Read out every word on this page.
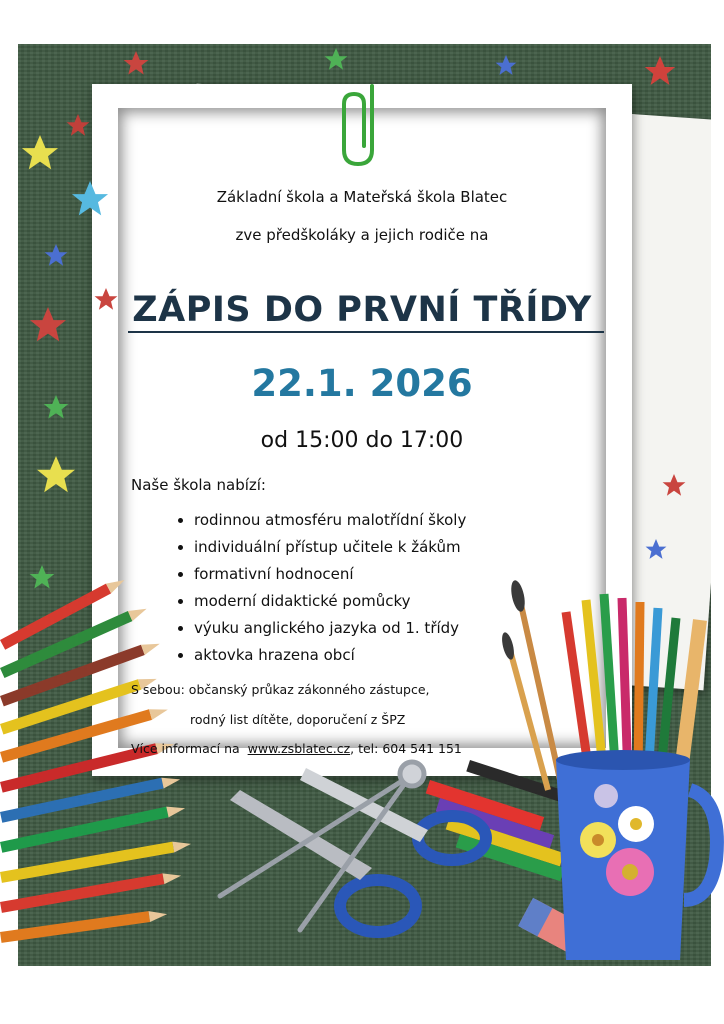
Základní škola a Mateřská škola Blatec
zve předškoláky a jejich rodiče na
ZÁPIS DO PRVNÍ TŘÍDY
22.1. 2026
od 15:00 do 17:00
Naše škola nabízí:
• rodinnou atmosféru malotřídní školy
• individuální přístup učitele k žákům
• formativní hodnocení
• moderní didaktické pomůcky
• výuku anglického jazyka od 1. třídy
• aktovka hrazena obcí
S sebou: občanský průkaz zákonného zástupce,
rodný list dítěte, doporučení z ŠPZ
Více informací na www.zsblatec.cz, tel: 604 541 151
